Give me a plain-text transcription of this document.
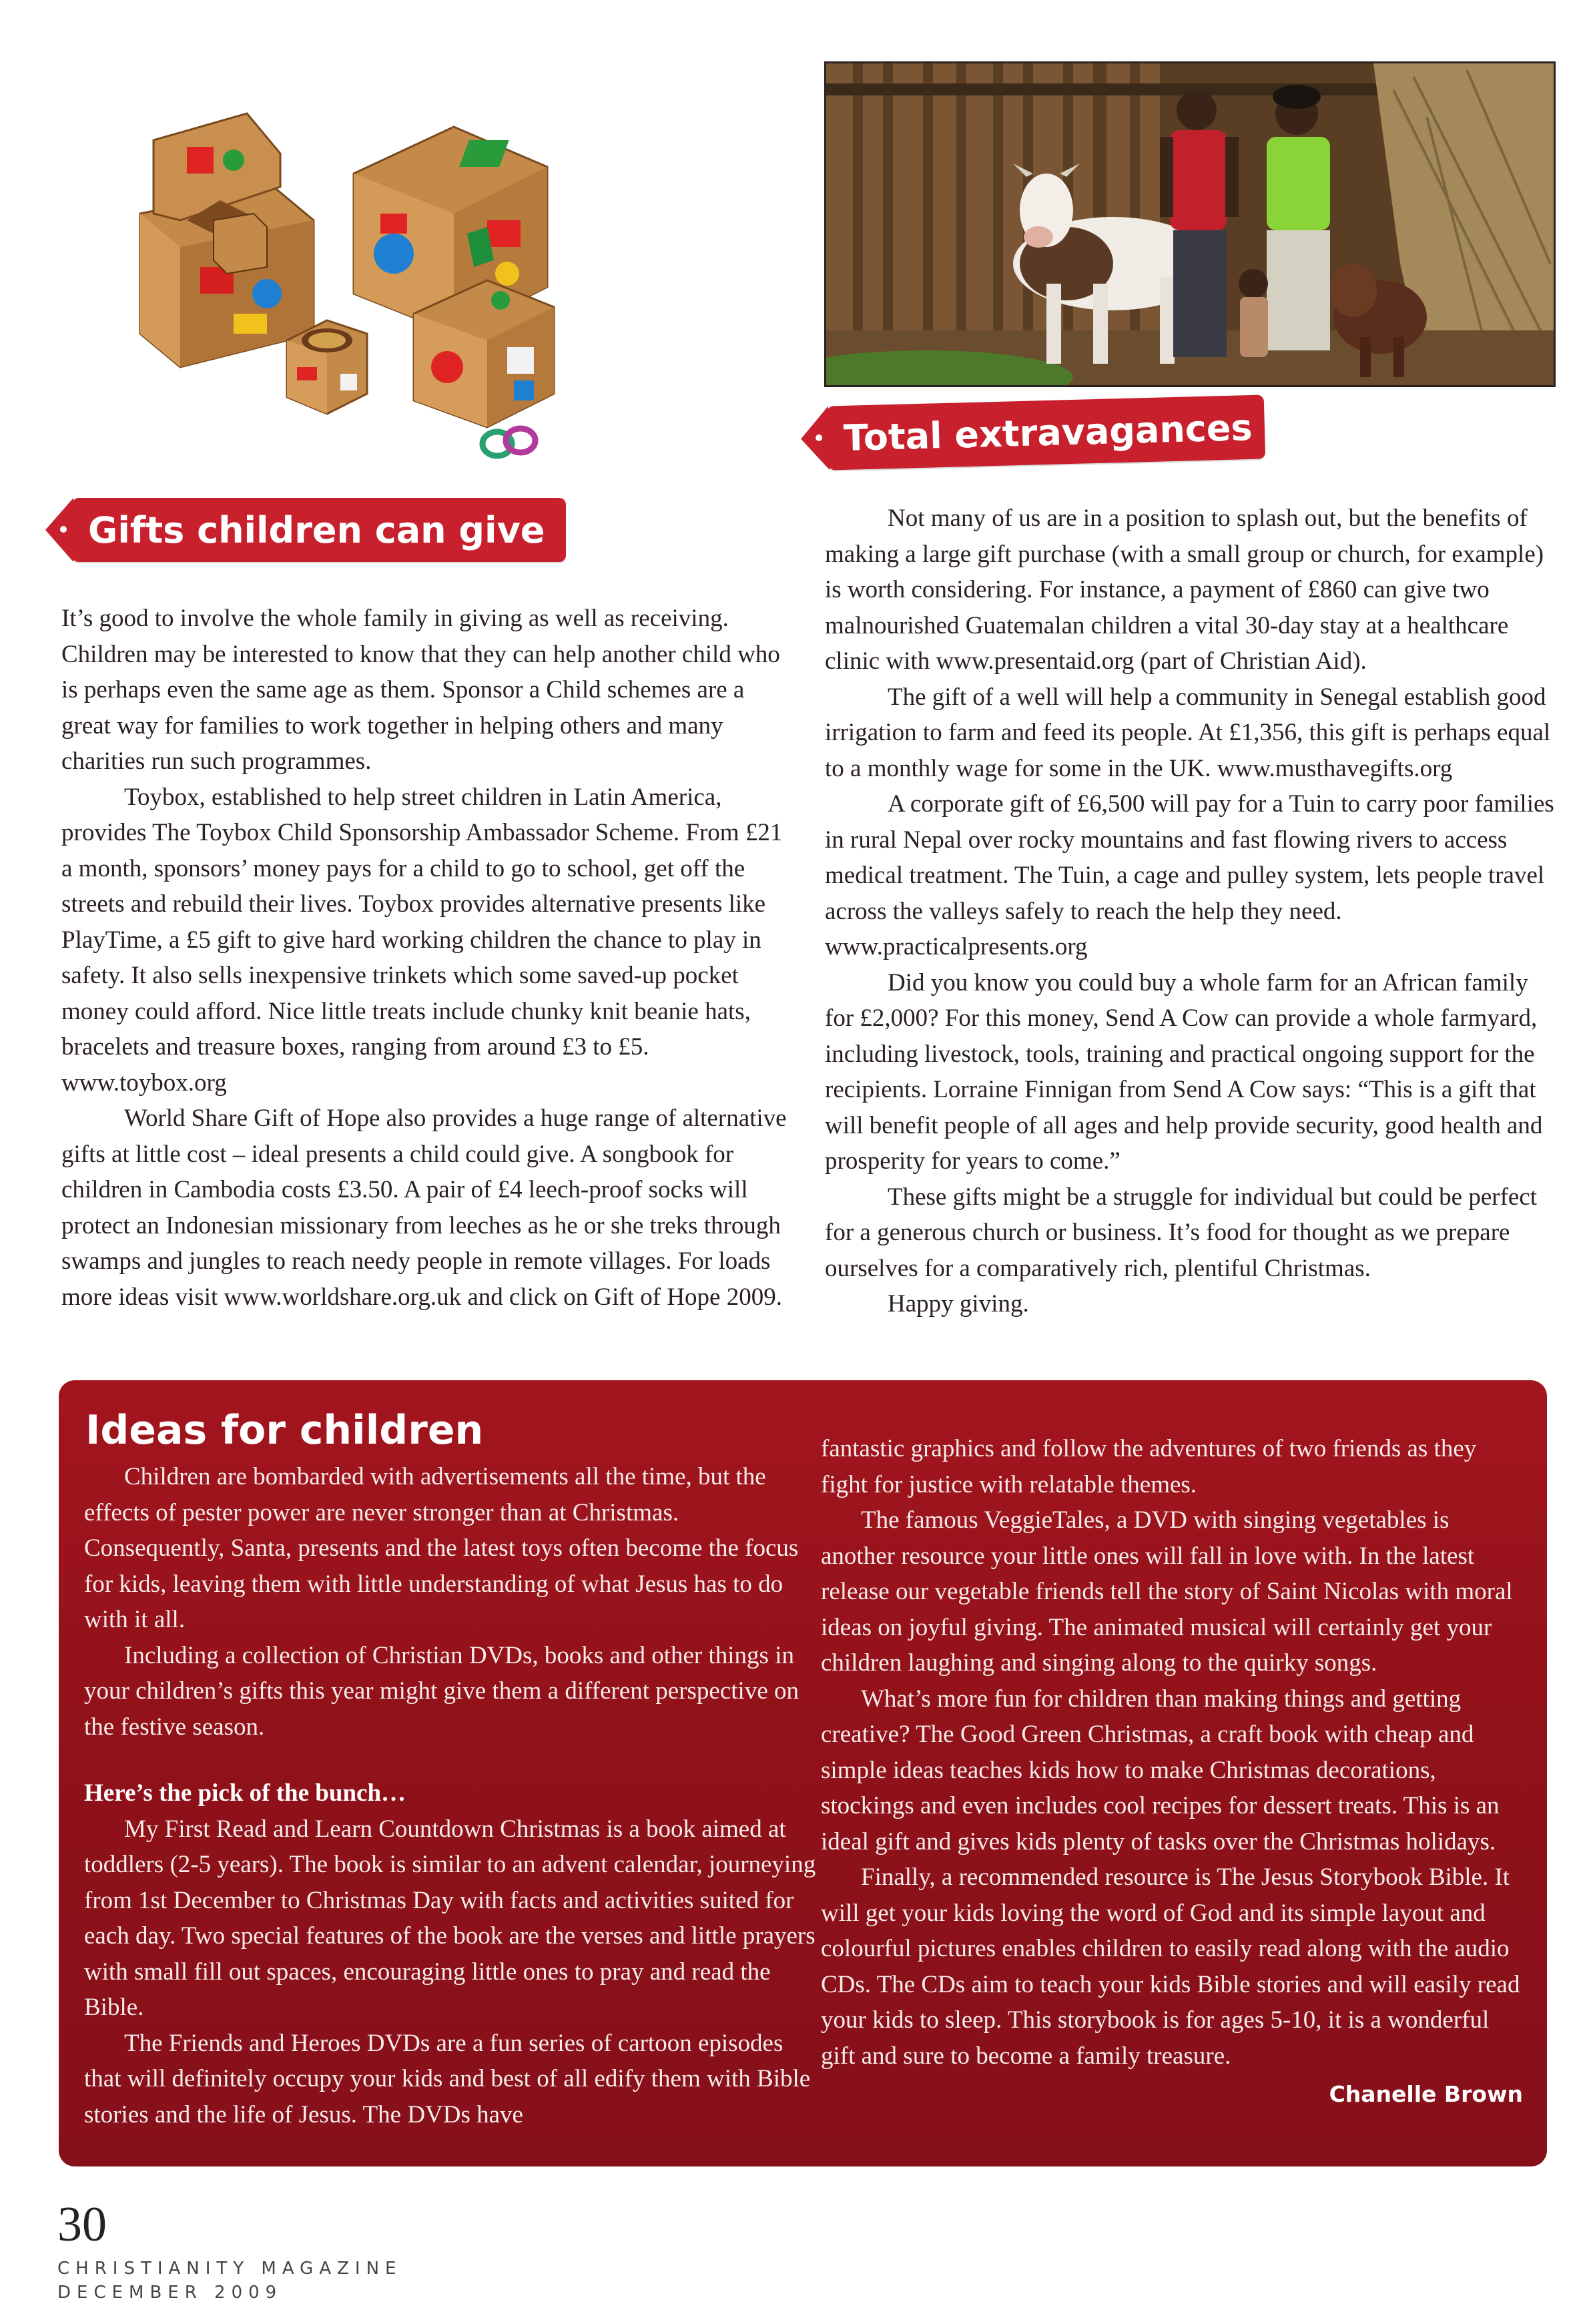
Gifts children can give
Total extravagances

It’s good to involve the whole family in giving as well as receiving. Children may be interested to know that they can help another child who is perhaps even the same age as them. Sponsor a Child schemes are a great way for families to work together in helping others and many charities run such programmes.

Toybox, established to help street children in Latin America, provides The Toybox Child Sponsorship Ambassador Scheme. From £21 a month, sponsors’ money pays for a child to go to school, get off the streets and rebuild their lives. Toybox provides alternative presents like PlayTime, a £5 gift to give hard working children the chance to play in safety. It also sells inexpensive trinkets which some saved-up pocket money could afford. Nice little treats include chunky knit beanie hats, bracelets and treasure boxes, ranging from around £3 to £5. www.toybox.org

World Share Gift of Hope also provides a huge range of alternative gifts at little cost – ideal presents a child could give. A songbook for children in Cambodia costs £3.50. A pair of £4 leech-proof socks will protect an Indonesian missionary from leeches as he or she treks through swamps and jungles to reach needy people in remote villages. For loads more ideas visit www.worldshare.org.uk and click on Gift of Hope 2009.

Not many of us are in a position to splash out, but the benefits of making a large gift purchase (with a small group or church, for example) is worth considering. For instance, a payment of £860 can give two malnourished Guatemalan children a vital 30-day stay at a healthcare clinic with www.presentaid.org (part of Christian Aid).

The gift of a well will help a community in Senegal establish good irrigation to farm and feed its people. At £1,356, this gift is perhaps equal to a monthly wage for some in the UK. www.musthavegifts.org

A corporate gift of £6,500 will pay for a Tuin to carry poor families in rural Nepal over rocky mountains and fast flowing rivers to access medical treatment. The Tuin, a cage and pulley system, lets people travel across the valleys safely to reach the help they need. www.practicalpresents.org

Did you know you could buy a whole farm for an African family for £2,000? For this money, Send A Cow can provide a whole farmyard, including livestock, tools, training and practical ongoing support for the recipients. Lorraine Finnigan from Send A Cow says: “This is a gift that will benefit people of all ages and help provide security, good health and prosperity for years to come.”

These gifts might be a struggle for individual but could be perfect for a generous church or business. It’s food for thought as we prepare ourselves for a comparatively rich, plentiful Christmas.

Happy giving.

Ideas for children

Children are bombarded with advertisements all the time, but the effects of pester power are never stronger than at Christmas. Consequently, Santa, presents and the latest toys often become the focus for kids, leaving them with little understanding of what Jesus has to do with it all.

Including a collection of Christian DVDs, books and other things in your children’s gifts this year might give them a different perspective on the festive season.

Here’s the pick of the bunch…

My First Read and Learn Countdown Christmas is a book aimed at toddlers (2-5 years). The book is similar to an advent calendar, journeying from 1st December to Christmas Day with facts and activities suited for each day. Two special features of the book are the verses and little prayers with small fill out spaces, encouraging little ones to pray and read the Bible.

The Friends and Heroes DVDs are a fun series of cartoon episodes that will definitely occupy your kids and best of all edify them with Bible stories and the life of Jesus. The DVDs have

fantastic graphics and follow the adventures of two friends as they fight for justice with relatable themes.

The famous VeggieTales, a DVD with singing vegetables is another resource your little ones will fall in love with. In the latest release our vegetable friends tell the story of Saint Nicolas with moral ideas on joyful giving. The animated musical will certainly get your children laughing and singing along to the quirky songs.

What’s more fun for children than making things and getting creative? The Good Green Christmas, a craft book with cheap and simple ideas teaches kids how to make Christmas decorations, stockings and even includes cool recipes for dessert treats. This is an ideal gift and gives kids plenty of tasks over the Christmas holidays.

Finally, a recommended resource is The Jesus Storybook Bible. It will get your kids loving the word of God and its simple layout and colourful pictures enables children to easily read along with the audio CDs. The CDs aim to teach your kids Bible stories and will easily read your kids to sleep. This storybook is for ages 5-10, it is a wonderful gift and sure to become a family treasure.

Chanelle Brown

30
CHRISTIANITY MAGAZINE
DECEMBER 2009
